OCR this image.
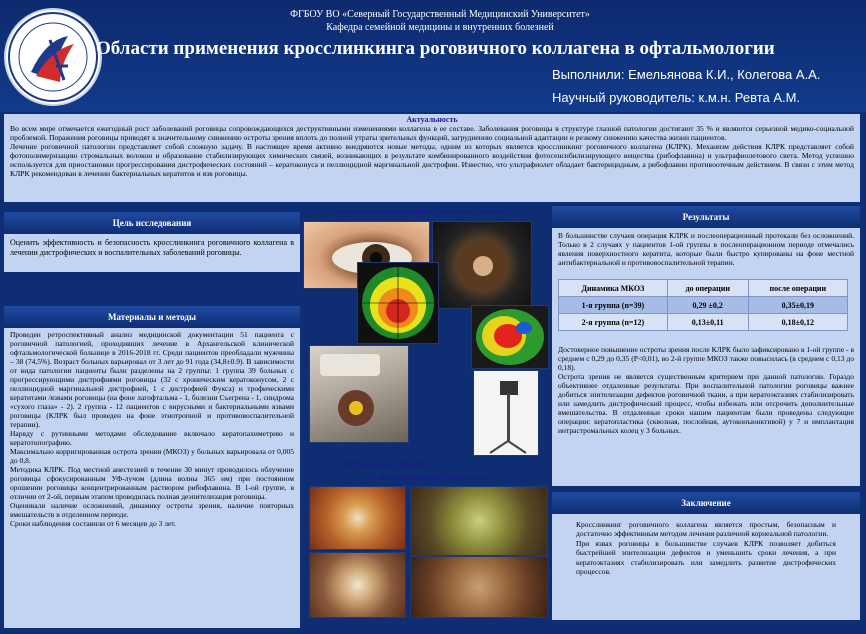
ФГБОУ ВО «Северный Государственный Медицинский Университет»
Кафедра семейной медицины и внутренних болезней
Области применения кросслинкинга роговичного коллагена в офтальмологии
Выполнили: Емельянова К.И., Колегова А.А.
Научный руководитель: к.м.н. Ревта А.М.
Актуальность
Во всем мире отмечается ежегодный рост заболеваний роговицы сопровождающихся деструктивными изменениями коллагена в ее составе. Заболевания роговицы в структуре глазной патологии достигают 35 % и являются серьезной медико-социальной проблемой. Поражения роговицы приводят к значительному снижению остроты зрения вплоть до полной утраты зрительных функций, загрудненню социальной адаптации и резкому снижению качества жизни пациентов.
Лечение роговичной патологии представляет собой сложную задачу. В настоящее время активно внедряются новые методы, одним из которых является кросслинкинг роговичного коллагена (КЛРК). Механизм действия КЛРК представляет собой фотополимеризацию стромальных волокон и образование стабилизирующих химических связей, возникающих в результате комбинированного воздействия фотосенсибилизирующего вещества (рибофлавина) и ультрафиолетового света. Метод успешно используется для приостановки прогрессирования дистрофических состояний – кератоконуса и пеллюцидной маргинальной дистрофии. Известно, что ультрафиолет обладает бактерицидным, а рибофлавин противоотечным действием. В связи с этим метод КЛРК рекомендован в лечении бактериальных кератитов и язв роговицы.
Цель исследования
Оценить эффективность и безопасность кросслинкинга роговичного коллагена в лечении дистрофических и воспалительных заболеваний роговицы.
Материалы и методы
Проведен ретроспективный анализ медицинской документации 51 пациента с роговичной патологией, проходивших лечение в Архангельской клинической офтальмологической больнице в 2016-2018 гг. Среди пациентов преобладали мужчины – 38 (74,5%). Возраст больных варьировал от 3 лет до 91 года (34,8±0.9). В зависимости от вида патологии пациенты были разделены на 2 группы: 1 группа 39 больных с прогрессирующими дистрофиями роговицы (32 с хроническим кератоконусом, 2 с пеллюцидной маргинальной дистрофией, 1 с дистрофией Фукса) и трофическими кератитами /язвами роговицы (на фоне лагофтальма - 1, болезни Съегрена - 1, синдрома «сухого глаза» - 2). 2 группа - 12 пациентов с вирусными и бактериальными язвами роговицы (КЛРК был проведен на фоне этиотропной и противовоспалительной терапии).
Наряду с рутинными методами обследование включало кератопахиметрию и кератотопографию.
Максимально корригированная острота зрения (МКОЗ) у больных варьировала от 0,005 до 0,8.
Методика КЛРК. Под местной анестезией в течение 30 минут проводилось облучение роговицы сфокусированным УФ-лучом (длина волны 365 нм) при постоянном орошении роговицы концентрированным раствором рибофлавина. В 1-ой группе, в отличии от 2-ой, первым этапом проводилась полная деэпителизация роговицы.
Оценивали наличие осложнений, динамику остроты зрения, наличие повторных вмешательств в отделенном периоде.
Сроки наблюдения составили от 6 месяцев до 3 лет.
Кератоконус и пеллюцидная дистрофия роговицы
Методика кросслинкинга
Язва роговицы до и после КЛРК
Результаты
В большинстве случаев операция КЛРК и послеоперационный протекали без осложнений. Только в 2 случаях у пациентов 1-ой группы в послеоперационном периоде отмечались явления поверхностного кератита, которые были быстро купированы на фоне местной антибактериальной и противовоспалительной терапии.
Динамика МКОЗ	до операции	после операции
1-я группа (n=39)	0,29 ±0,2	0,35±0,19
2-я группа (n=12)	0,13±0,11	0,18±0,12
Достоверное повышение остроты зрения после КЛРК было зафиксировано в 1-ой группе - в среднем с 0,29 до 0,35 (Р<0,01), во 2-й группе МКОЗ также повысилась (в среднем с 0,13 до 0,18).
Острота зрения не является существенным критерием при данной патологии. Гораздо объективнее отдаленные результаты. При воспалительной патологии роговицы важнее добиться эпителизации дефектов роговичной ткани, а при кератоэктазиях стабилизировать или замедлить дистрофический процесс, чтобы избежать или отсрочить дополнительные вмешательства. В отдаленные сроки нашим пациентам были проведены следующие операции: кератопластика (сквозная, послойная, аутоконъюнктивой) у 7 и имплантация интрастромальных колец у 3 больных.
Заключение
Кросслинкинг роговичного коллагена является простым, безопасным и достаточно эффективным методом лечения различной корнеальной патологии.
При язвах роговицы в большинстве случаев КЛРК позволяет добиться быстрейшей эпителизации дефектов и уменьшить сроки лечения, а при кератоэктазиях стабилизировать или замедлить развитие дистрофических процессов.
